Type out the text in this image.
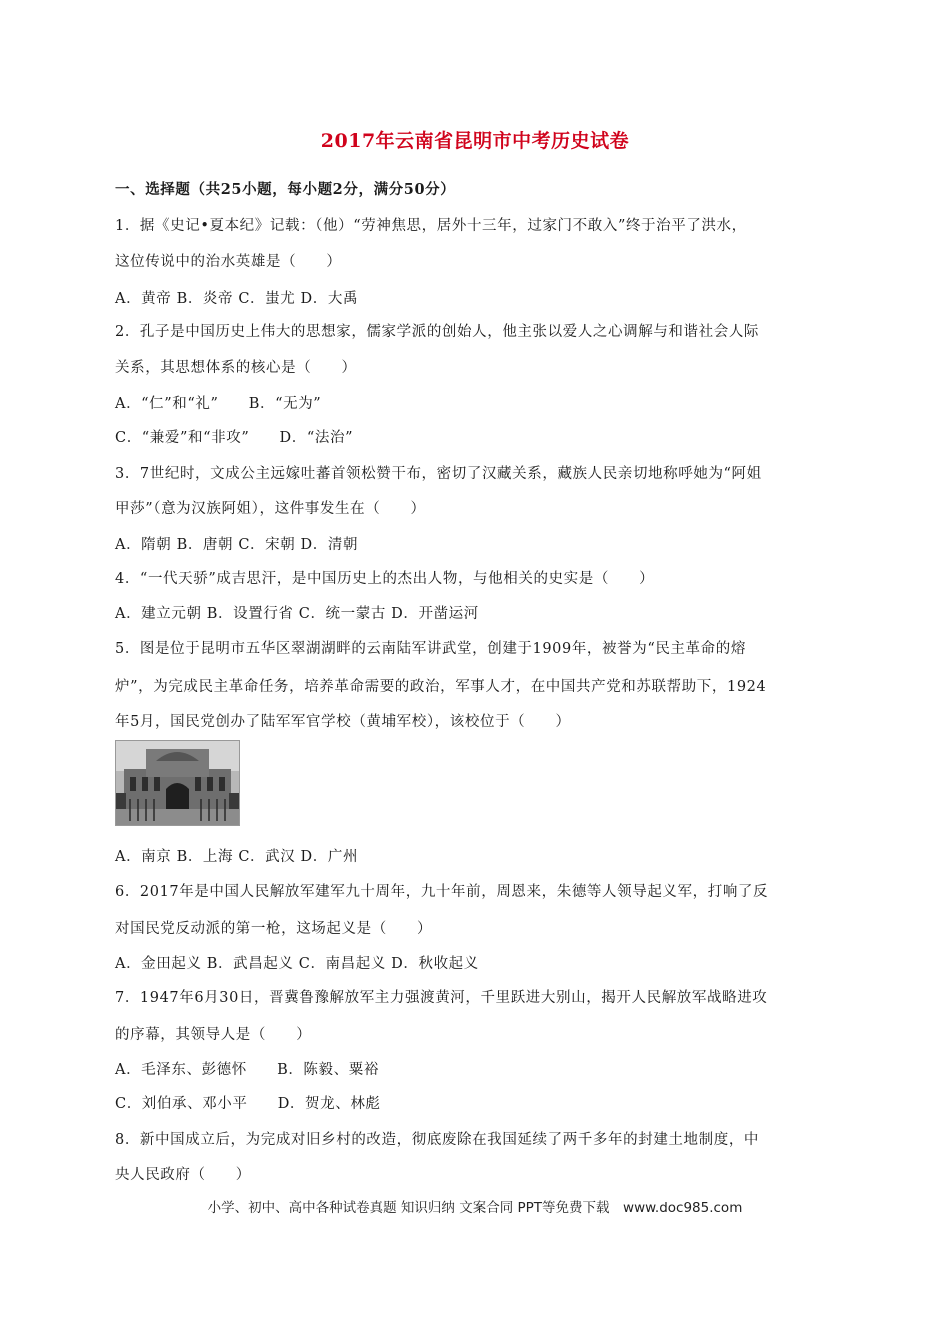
2017年云南省昆明市中考历史试卷
一、选择题（共25小题，每小题2分，满分50分）
1．据《史记•夏本纪》记载：（他）“劳神焦思，居外十三年，过家门不敢入”终于治平了洪水，
这位传说中的治水英雄是（　　）
A．黄帝 B．炎帝 C．蚩尤 D．大禹
2．孔子是中国历史上伟大的思想家，儒家学派的创始人，他主张以爱人之心调解与和谐社会人际
关系，其思想体系的核心是（　　）
A．“仁”和“礼”　　B．“无为”
C．“兼爱”和“非攻”　　D．“法治”
3．7世纪时，文成公主远嫁吐蕃首领松赞干布，密切了汉藏关系，藏族人民亲切地称呼她为“阿姐
甲莎”（意为汉族阿姐），这件事发生在（　　）
A．隋朝 B．唐朝 C．宋朝 D．清朝
4．“一代天骄”成吉思汗，是中国历史上的杰出人物，与他相关的史实是（　　）
A．建立元朝 B．设置行省 C．统一蒙古 D．开凿运河
5．图是位于昆明市五华区翠湖湖畔的云南陆军讲武堂，创建于1909年，被誉为“民主革命的熔
炉”，为完成民主革命任务，培养革命需要的政治，军事人才，在中国共产党和苏联帮助下，1924
年5月，国民党创办了陆军军官学校（黄埔军校），该校位于（　　）
A．南京 B．上海 C．武汉 D．广州
6．2017年是中国人民解放军建军九十周年，九十年前，周恩来，朱德等人领导起义军，打响了反
对国民党反动派的第一枪，这场起义是（　　）
A．金田起义 B．武昌起义 C．南昌起义 D．秋收起义
7．1947年6月30日，晋冀鲁豫解放军主力强渡黄河，千里跃进大别山，揭开人民解放军战略进攻
的序幕，其领导人是（　　）
A．毛泽东、彭德怀　　B．陈毅、粟裕
C．刘伯承、邓小平　　D．贺龙、林彪
8．新中国成立后，为完成对旧乡村的改造，彻底废除在我国延续了两千多年的封建土地制度，中
央人民政府（　　）
小学、初中、高中各种试卷真题 知识归纳 文案合同 PPT等免费下载　www.doc985.com
